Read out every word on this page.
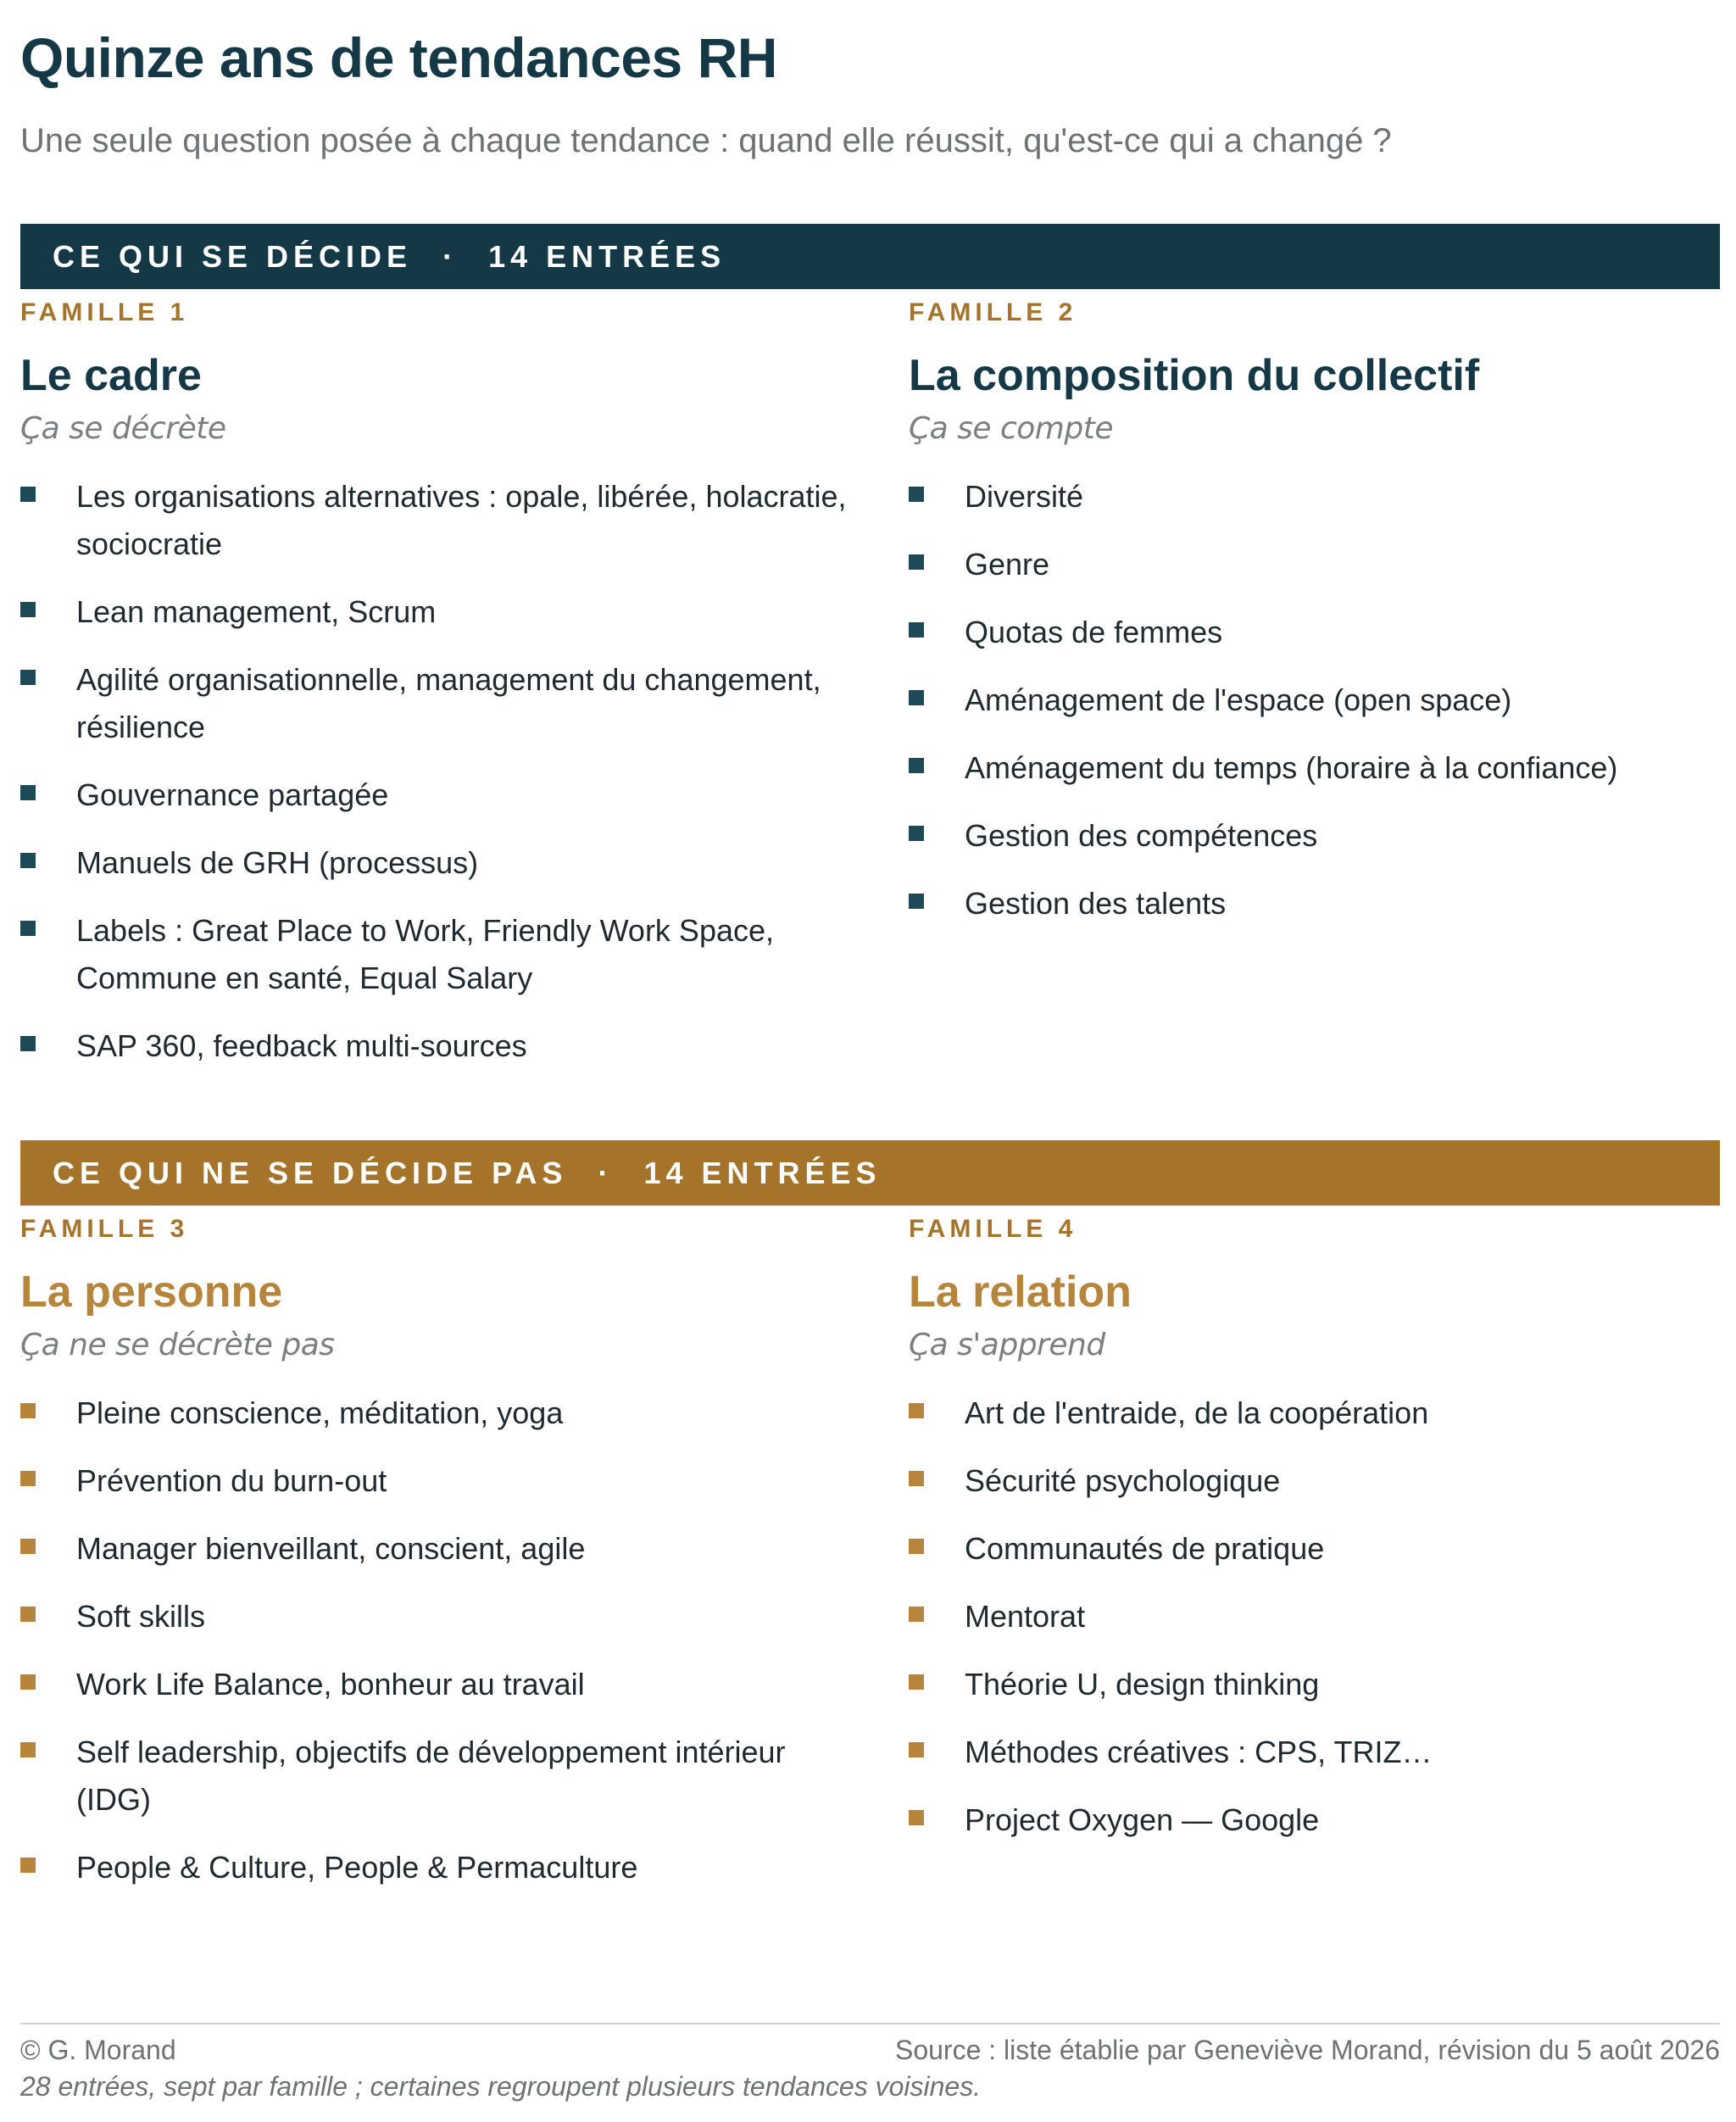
Quinze ans de tendances RH
Une seule question posée à chaque tendance : quand elle réussit, qu'est-ce qui a changé ?
CE QUI SE DÉCIDE · 14 ENTRÉES
FAMILLE 1
Le cadre
Ça se décrète
Les organisations alternatives : opale, libérée, holacratie, sociocratie
Lean management, Scrum
Agilité organisationnelle, management du changement, résilience
Gouvernance partagée
Manuels de GRH (processus)
Labels : Great Place to Work, Friendly Work Space, Commune en santé, Equal Salary
SAP 360, feedback multi-sources
FAMILLE 2
La composition du collectif
Ça se compte
Diversité
Genre
Quotas de femmes
Aménagement de l'espace (open space)
Aménagement du temps (horaire à la confiance)
Gestion des compétences
Gestion des talents
CE QUI NE SE DÉCIDE PAS · 14 ENTRÉES
FAMILLE 3
La personne
Ça ne se décrète pas
Pleine conscience, méditation, yoga
Prévention du burn-out
Manager bienveillant, conscient, agile
Soft skills
Work Life Balance, bonheur au travail
Self leadership, objectifs de développement intérieur (IDG)
People & Culture, People & Permaculture
FAMILLE 4
La relation
Ça s'apprend
Art de l'entraide, de la coopération
Sécurité psychologique
Communautés de pratique
Mentorat
Théorie U, design thinking
Méthodes créatives : CPS, TRIZ…
Project Oxygen — Google
© G. Morand	Source : liste établie par Geneviève Morand, révision du 5 août 2026
28 entrées, sept par famille ; certaines regroupent plusieurs tendances voisines.
